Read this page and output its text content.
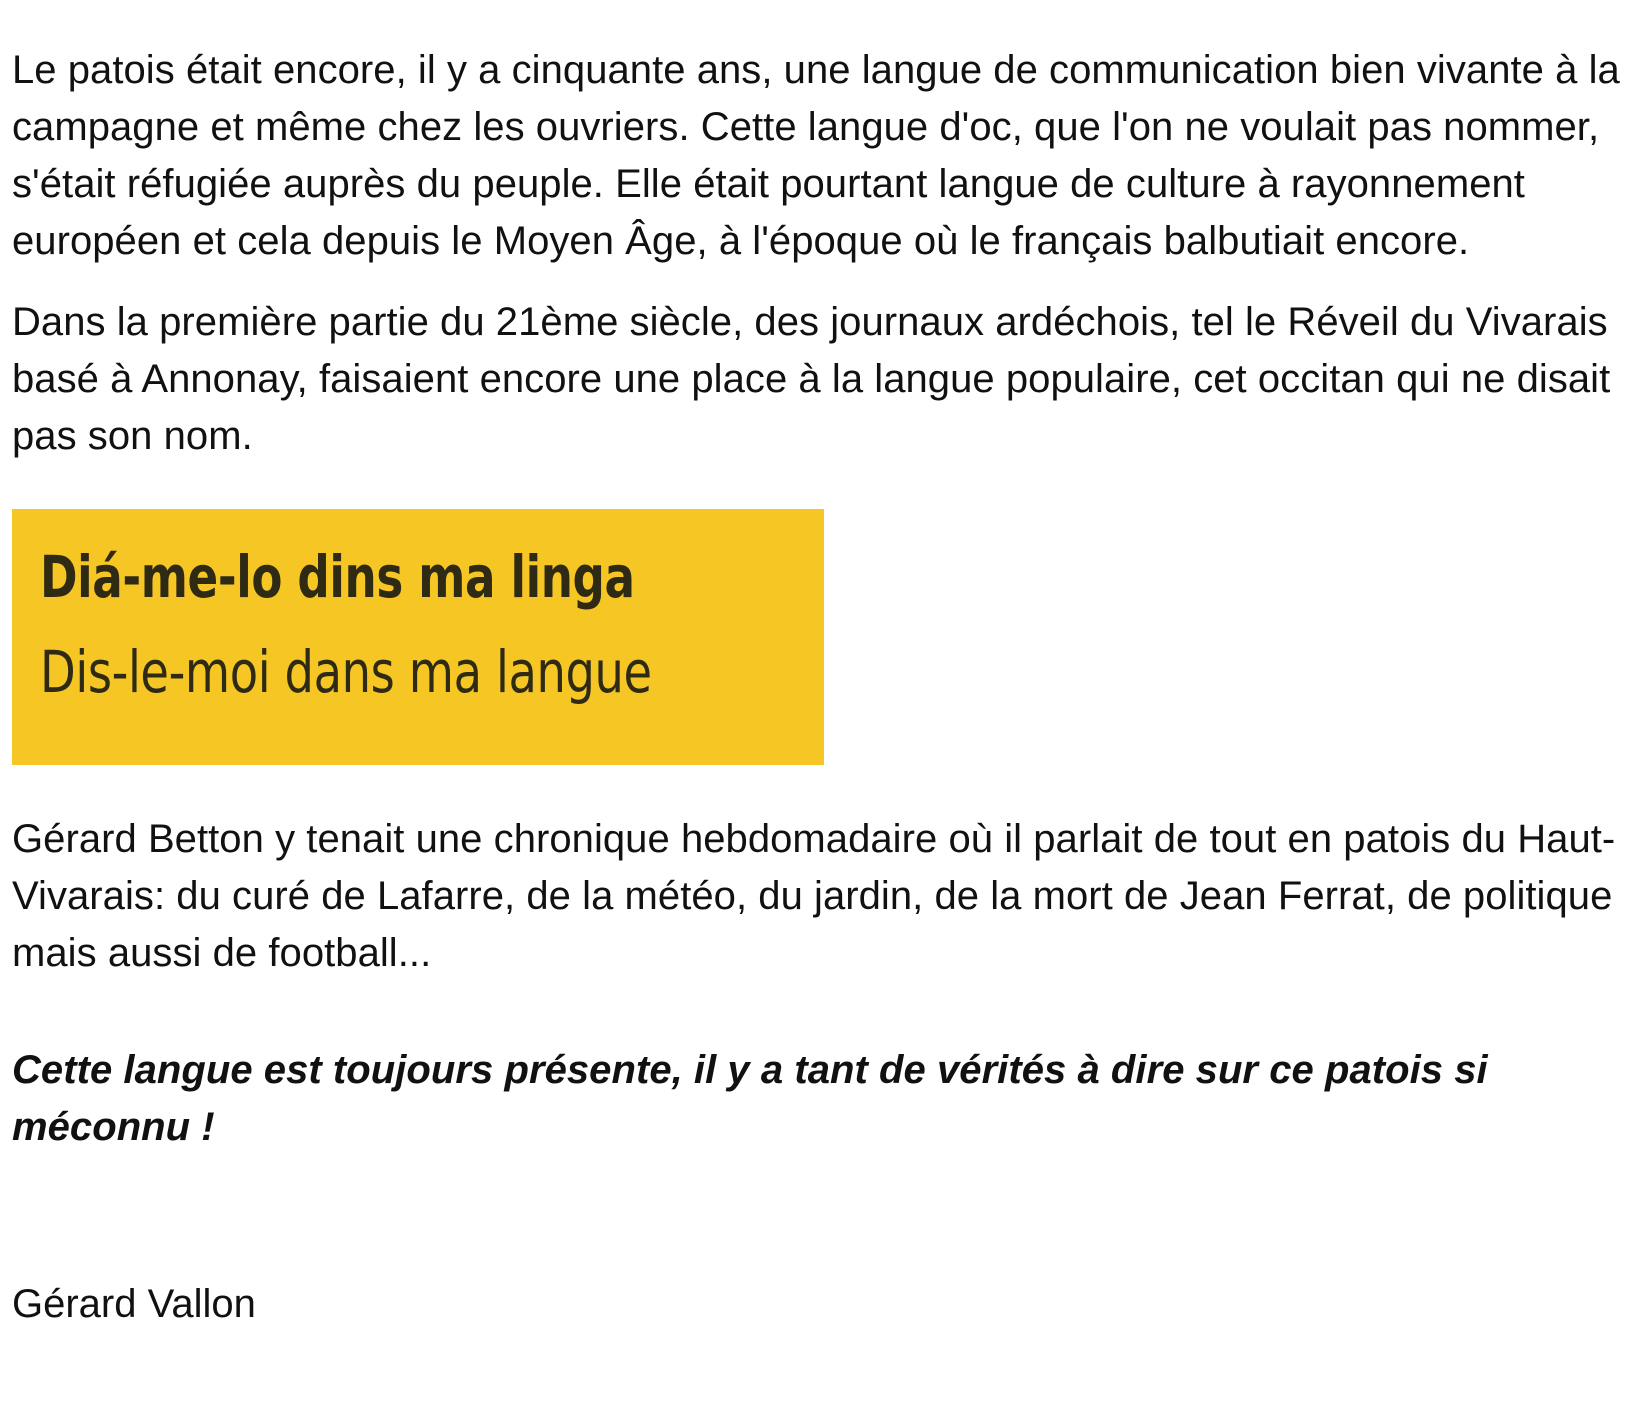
Le patois était encore, il y a cinquante ans, une langue de communication bien vivante à la campagne et même chez les ouvriers. Cette langue d'oc, que l'on ne voulait pas nommer, s'était réfugiée auprès du peuple. Elle était pourtant langue de culture à rayonnement européen et cela depuis le Moyen Âge, à l'époque où le français balbutiait encore.

Dans la première partie du 21ème siècle, des journaux ardéchois, tel le Réveil du Vivarais basé à Annonay, faisaient encore une place à la langue populaire, cet occitan qui ne disait pas son nom.

Diá-me-lo dins ma linga
Dis-le-moi dans ma langue

Gérard Betton y tenait une chronique hebdomadaire où il parlait de tout en patois du Haut-Vivarais: du curé de Lafarre, de la météo, du jardin, de la mort de Jean Ferrat, de politique mais aussi de football...

Cette langue est toujours présente, il y a tant de vérités à dire sur ce patois si méconnu !

Gérard Vallon
